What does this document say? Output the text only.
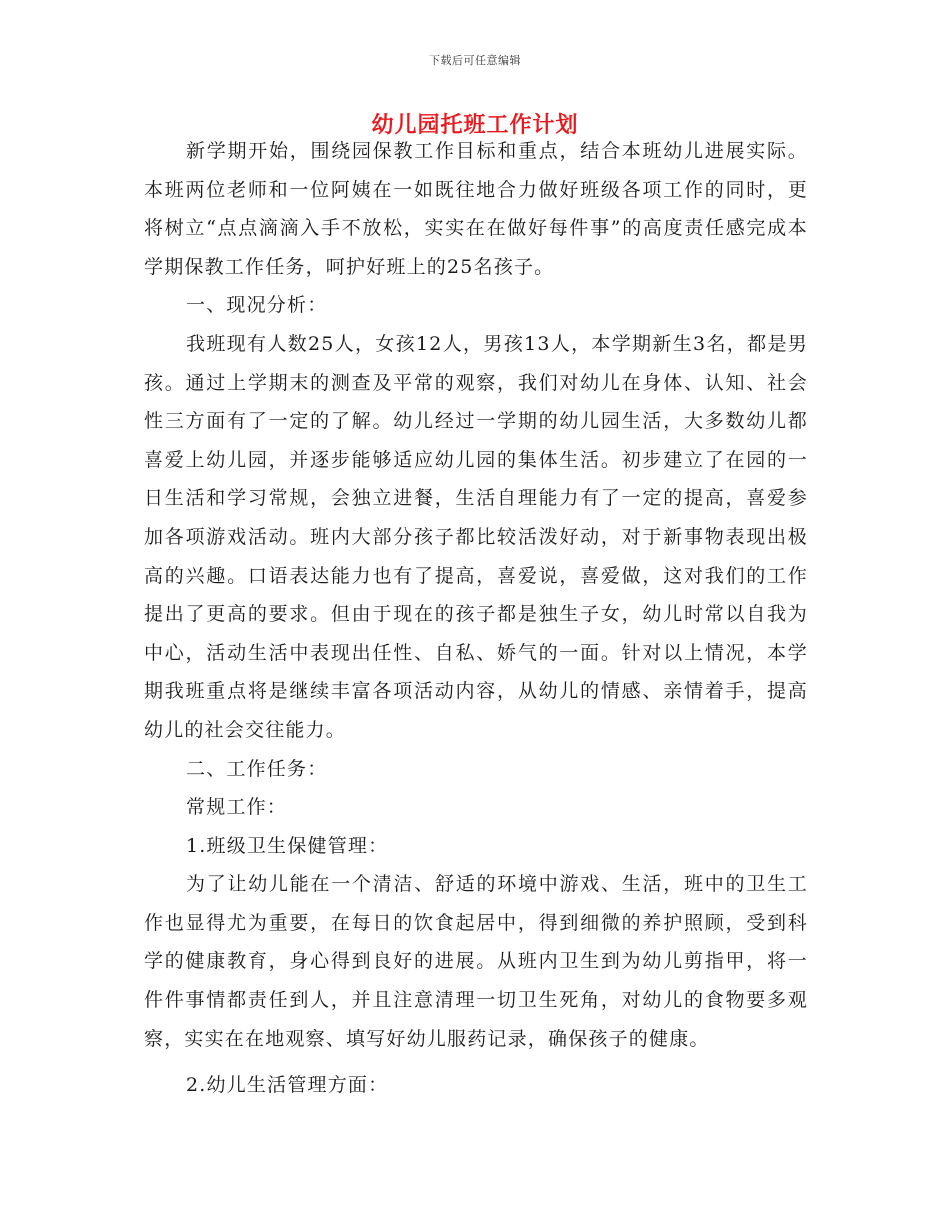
下载后可任意编辑
幼儿园托班工作计划

新学期开始，围绕园保教工作目标和重点，结合本班幼儿进展实际。本班两位老师和一位阿姨在一如既往地合力做好班级各项工作的同时，更将树立“点点滴滴入手不放松，实实在在做好每件事”的高度责任感完成本学期保教工作任务，呵护好班上的25名孩子。

一、现况分析：

我班现有人数25人，女孩12人，男孩13人，本学期新生3名，都是男孩。通过上学期末的测查及平常的观察，我们对幼儿在身体、认知、社会性三方面有了一定的了解。幼儿经过一学期的幼儿园生活，大多数幼儿都喜爱上幼儿园，并逐步能够适应幼儿园的集体生活。初步建立了在园的一日生活和学习常规，会独立进餐，生活自理能力有了一定的提高，喜爱参加各项游戏活动。班内大部分孩子都比较活泼好动，对于新事物表现出极高的兴趣。口语表达能力也有了提高，喜爱说，喜爱做，这对我们的工作提出了更高的要求。但由于现在的孩子都是独生子女，幼儿时常以自我为中心，活动生活中表现出任性、自私、娇气的一面。针对以上情况，本学期我班重点将是继续丰富各项活动内容，从幼儿的情感、亲情着手，提高幼儿的社会交往能力。

二、工作任务：

常规工作：

1.班级卫生保健管理：

为了让幼儿能在一个清洁、舒适的环境中游戏、生活，班中的卫生工作也显得尤为重要，在每日的饮食起居中，得到细微的养护照顾，受到科学的健康教育，身心得到良好的进展。从班内卫生到为幼儿剪指甲，将一件件事情都责任到人，并且注意清理一切卫生死角，对幼儿的食物要多观察，实实在在地观察、填写好幼儿服药记录，确保孩子的健康。

2.幼儿生活管理方面：
